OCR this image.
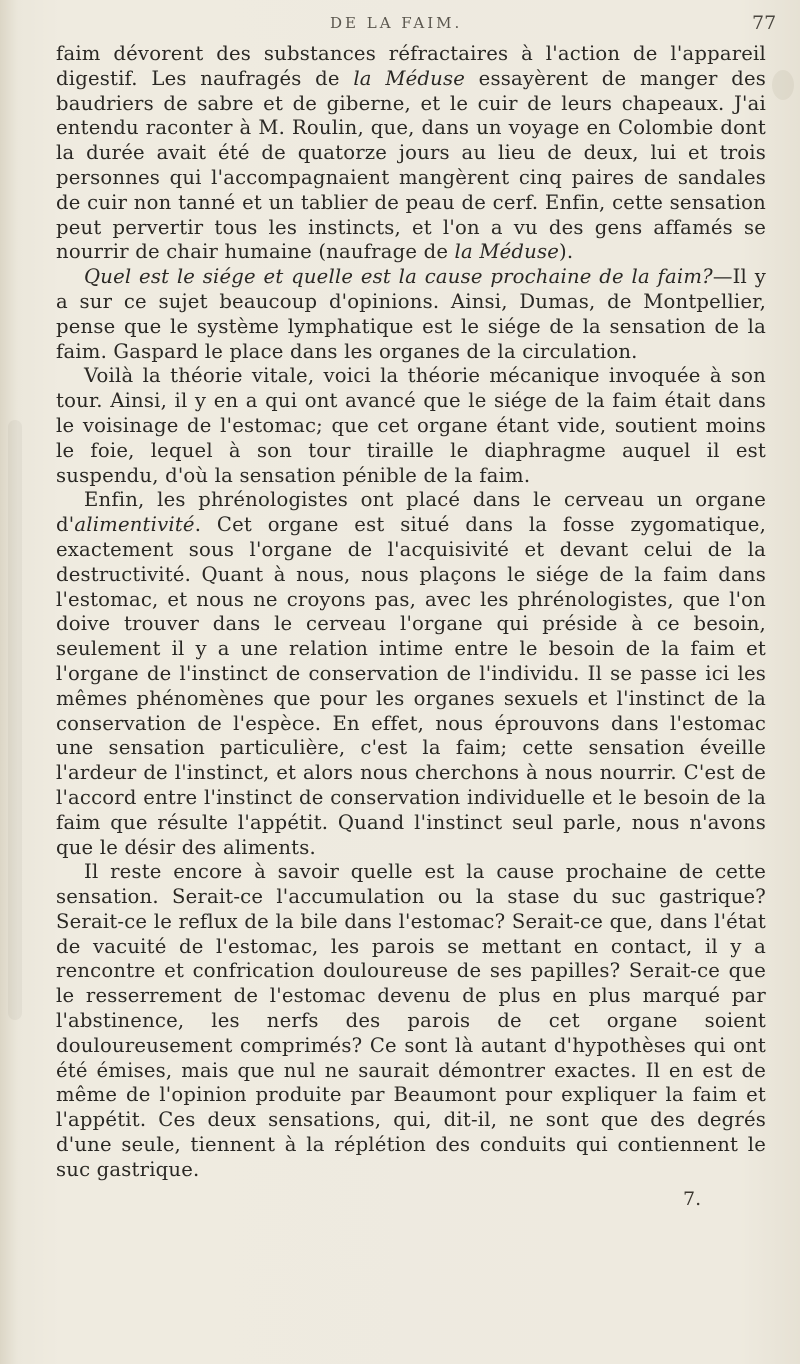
DE LA FAIM.	77

faim dévorent des substances réfractaires à l'action de l'appareil digestif. Les naufragés de la Méduse essayèrent de manger des baudriers de sabre et de giberne, et le cuir de leurs chapeaux. J'ai entendu raconter à M. Roulin, que, dans un voyage en Colombie dont la durée avait été de quatorze jours au lieu de deux, lui et trois personnes qui l'accompagnaient mangèrent cinq paires de sandales de cuir non tanné et un tablier de peau de cerf. Enfin, cette sensation peut pervertir tous les instincts, et l'on a vu des gens affamés se nourrir de chair humaine (naufrage de la Méduse).

Quel est le siége et quelle est la cause prochaine de la faim?—Il y a sur ce sujet beaucoup d'opinions. Ainsi, Dumas, de Montpellier, pense que le système lymphatique est le siége de la sensation de la faim. Gaspard le place dans les organes de la circulation.

Voilà la théorie vitale, voici la théorie mécanique invoquée à son tour. Ainsi, il y en a qui ont avancé que le siége de la faim était dans le voisinage de l'estomac; que cet organe étant vide, soutient moins le foie, lequel à son tour tiraille le diaphragme auquel il est suspendu, d'où la sensation pénible de la faim.

Enfin, les phrénologistes ont placé dans le cerveau un organe d'alimentivité. Cet organe est situé dans la fosse zygomatique, exactement sous l'organe de l'acquisivité et devant celui de la destructivité. Quant à nous, nous plaçons le siége de la faim dans l'estomac, et nous ne croyons pas, avec les phrénologistes, que l'on doive trouver dans le cerveau l'organe qui préside à ce besoin, seulement il y a une relation intime entre le besoin de la faim et l'organe de l'instinct de conservation de l'individu. Il se passe ici les mêmes phénomènes que pour les organes sexuels et l'instinct de la conservation de l'espèce. En effet, nous éprouvons dans l'estomac une sensation particulière, c'est la faim; cette sensation éveille l'ardeur de l'instinct, et alors nous cherchons à nous nourrir. C'est de l'accord entre l'instinct de conservation individuelle et le besoin de la faim que résulte l'appétit. Quand l'instinct seul parle, nous n'avons que le désir des aliments.

Il reste encore à savoir quelle est la cause prochaine de cette sensation. Serait-ce l'accumulation ou la stase du suc gastrique? Serait-ce le reflux de la bile dans l'estomac? Serait-ce que, dans l'état de vacuité de l'estomac, les parois se mettant en contact, il y a rencontre et confrication douloureuse de ses papilles? Serait-ce que le resserrement de l'estomac devenu de plus en plus marqué par l'abstinence, les nerfs des parois de cet organe soient douloureusement comprimés? Ce sont là autant d'hypothèses qui ont été émises, mais que nul ne saurait démontrer exactes. Il en est de même de l'opinion produite par Beaumont pour expliquer la faim et l'appétit. Ces deux sensations, qui, dit-il, ne sont que des degrés d'une seule, tiennent à la réplétion des conduits qui contiennent le suc gastrique.

7.
